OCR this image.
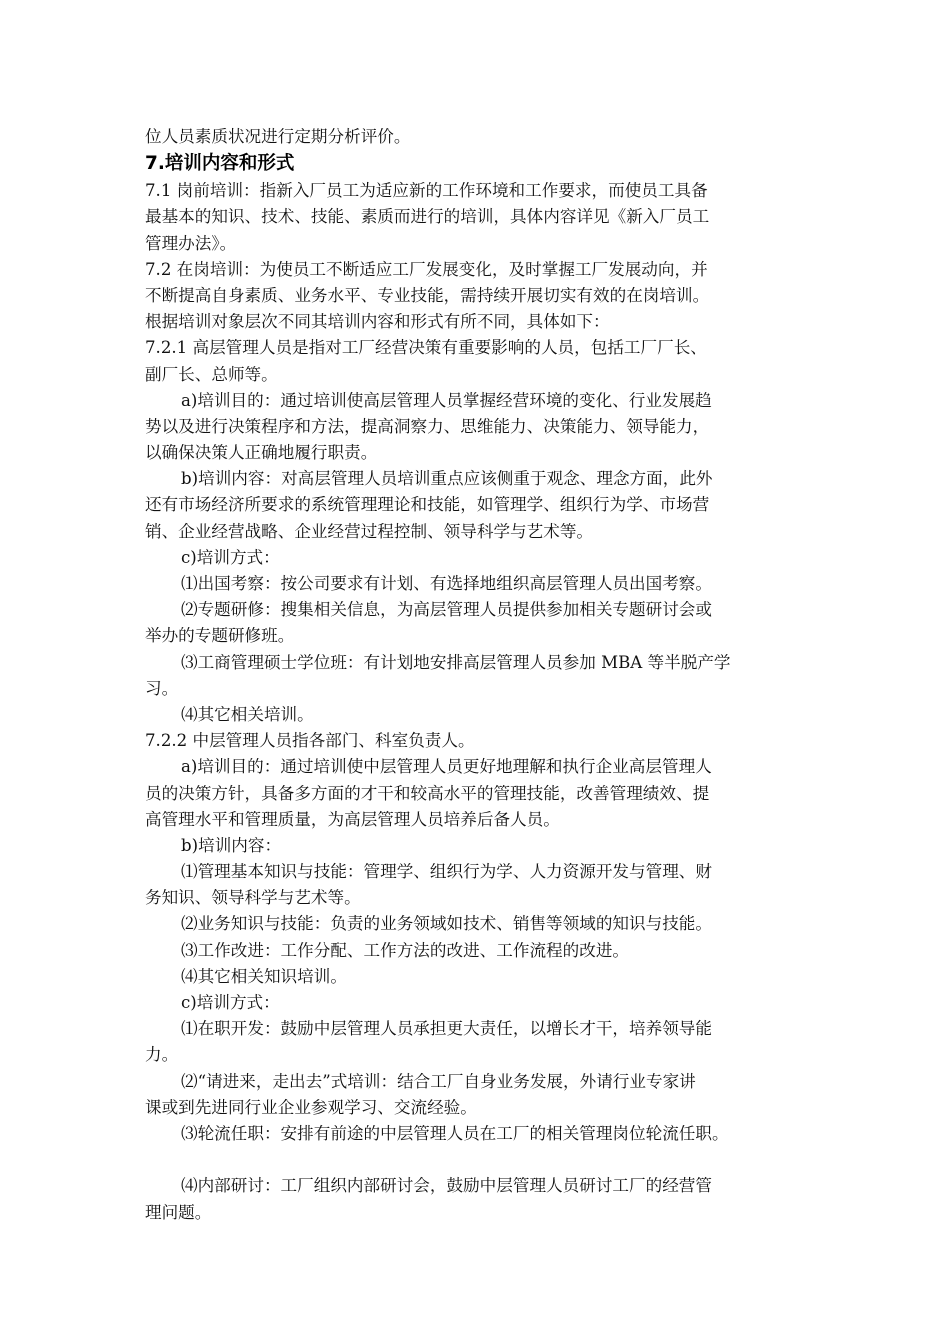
位人员素质状况进行定期分析评价。
7.培训内容和形式
7.1 岗前培训：指新入厂员工为适应新的工作环境和工作要求，而使员工具备
最基本的知识、技术、技能、素质而进行的培训，具体内容详见《新入厂员工
管理办法》。
7.2 在岗培训：为使员工不断适应工厂发展变化，及时掌握工厂发展动向，并
不断提高自身素质、业务水平、专业技能，需持续开展切实有效的在岗培训。
根据培训对象层次不同其培训内容和形式有所不同，具体如下：
7.2.1 高层管理人员是指对工厂经营决策有重要影响的人员，包括工厂厂长、
副厂长、总师等。
a)培训目的：通过培训使高层管理人员掌握经营环境的变化、行业发展趋
势以及进行决策程序和方法，提高洞察力、思维能力、决策能力、领导能力，
以确保决策人正确地履行职责。
b)培训内容：对高层管理人员培训重点应该侧重于观念、理念方面，此外
还有市场经济所要求的系统管理理论和技能，如管理学、组织行为学、市场营
销、企业经营战略、企业经营过程控制、领导科学与艺术等。
c)培训方式：
⑴出国考察：按公司要求有计划、有选择地组织高层管理人员出国考察。
⑵专题研修：搜集相关信息，为高层管理人员提供参加相关专题研讨会或
举办的专题研修班。
⑶工商管理硕士学位班：有计划地安排高层管理人员参加 MBA 等半脱产学
习。
⑷其它相关培训。
7.2.2 中层管理人员指各部门、科室负责人。
a)培训目的：通过培训使中层管理人员更好地理解和执行企业高层管理人
员的决策方针，具备多方面的才干和较高水平的管理技能，改善管理绩效、提
高管理水平和管理质量，为高层管理人员培养后备人员。
b)培训内容：
⑴管理基本知识与技能：管理学、组织行为学、人力资源开发与管理、财
务知识、领导科学与艺术等。
⑵业务知识与技能：负责的业务领域如技术、销售等领域的知识与技能。
⑶工作改进：工作分配、工作方法的改进、工作流程的改进。
⑷其它相关知识培训。
c)培训方式：
⑴在职开发：鼓励中层管理人员承担更大责任，以增长才干，培养领导能
力。
⑵“请进来，走出去”式培训：结合工厂自身业务发展，外请行业专家讲
课或到先进同行业企业参观学习、交流经验。
⑶轮流任职：安排有前途的中层管理人员在工厂的相关管理岗位轮流任职。
⑷内部研讨：工厂组织内部研讨会，鼓励中层管理人员研讨工厂的经营管
理问题。
